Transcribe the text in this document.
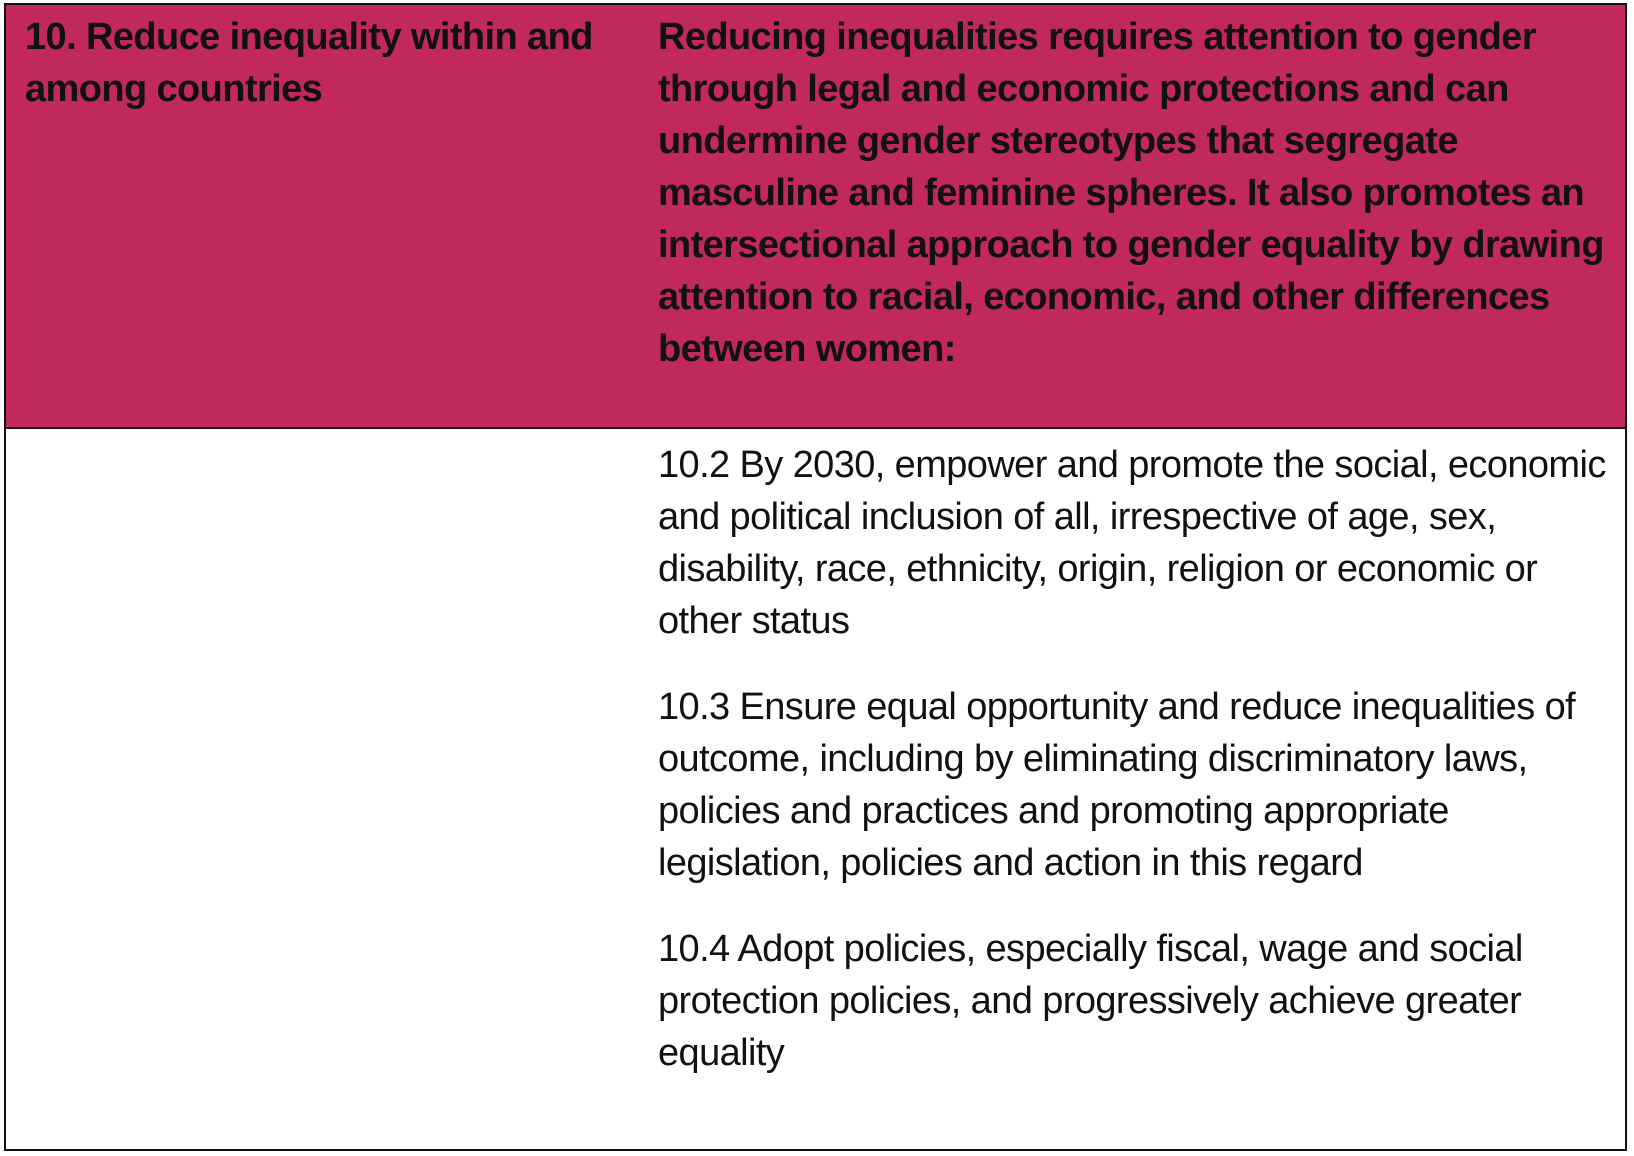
10. Reduce inequality within and among countries

Reducing inequalities requires attention to gender through legal and economic protections and can undermine gender stereotypes that segregate masculine and feminine spheres. It also promotes an intersectional approach to gender equality by drawing attention to racial, economic, and other differences between women:

10.2 By 2030, empower and promote the social, economic and political inclusion of all, irrespective of age, sex, disability, race, ethnicity, origin, religion or economic or other status

10.3 Ensure equal opportunity and reduce inequalities of outcome, including by eliminating discriminatory laws, policies and practices and promoting appropriate legislation, policies and action in this regard

10.4 Adopt policies, especially fiscal, wage and social protection policies, and progressively achieve greater equality
